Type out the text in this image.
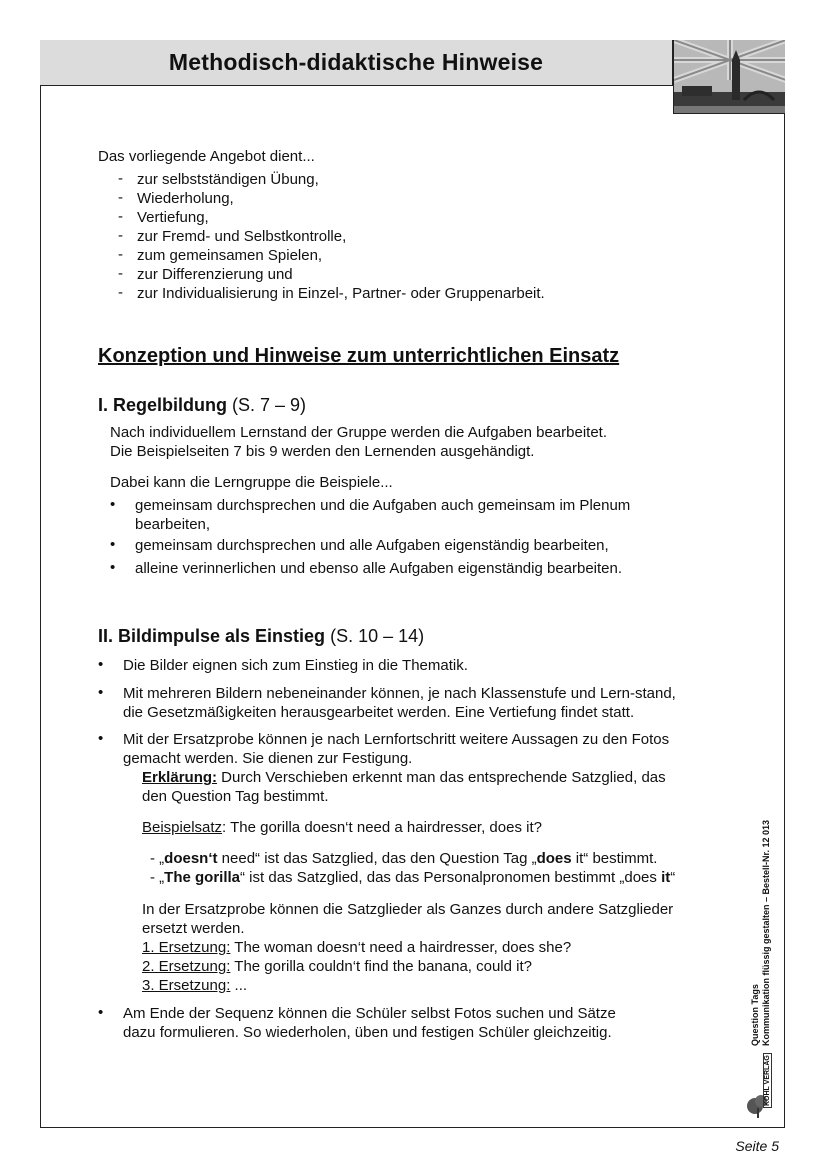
Methodisch-didaktische Hinweise
Das vorliegende Angebot dient...
- zur selbstständigen Übung,
- Wiederholung,
- Vertiefung,
- zur Fremd- und Selbstkontrolle,
- zum gemeinsamen Spielen,
- zur Differenzierung und
- zur Individualisierung in Einzel-, Partner- oder Gruppenarbeit.
Konzeption und Hinweise zum unterrichtlichen Einsatz
I. Regelbildung (S. 7 – 9)
Nach individuellem Lernstand der Gruppe werden die Aufgaben bearbeitet.
Die Beispielseiten 7 bis 9 werden den Lernenden ausgehändigt.
Dabei kann die Lerngruppe die Beispiele...
• gemeinsam durchsprechen und die Aufgaben auch gemeinsam im Plenum
bearbeiten,
• gemeinsam durchsprechen und alle Aufgaben eigenständig bearbeiten,
• alleine verinnerlichen und ebenso alle Aufgaben eigenständig bearbeiten.
II. Bildimpulse als Einstieg (S. 10 – 14)
• Die Bilder eignen sich zum Einstieg in die Thematik.
• Mit mehreren Bildern nebeneinander können, je nach Klassenstufe und Lern-stand,
die Gesetzmäßigkeiten herausgearbeitet werden. Eine Vertiefung findet statt.
• Mit der Ersatzprobe können je nach Lernfortschritt weitere Aussagen zu den Fotos
gemacht werden. Sie dienen zur Festigung.
Erklärung: Durch Verschieben erkennt man das entsprechende Satzglied, das
den Question Tag bestimmt.
Beispielsatz: The gorilla doesn‘t need a hairdresser, does it?
- „doesn‘t need“ ist das Satzglied, das den Question Tag „does it“ bestimmt.
- „The gorilla“ ist das Satzglied, das das Personalpronomen bestimmt „does it“
In der Ersatzprobe können die Satzglieder als Ganzes durch andere Satzglieder
ersetzt werden.
1. Ersetzung: The woman doesn‘t need a hairdresser, does she?
2. Ersetzung: The gorilla couldn‘t find the banana, could it?
3. Ersetzung: ...
• Am Ende der Sequenz können die Schüler selbst Fotos suchen und Sätze
dazu formulieren. So wiederholen, üben und festigen Schüler gleichzeitig.	Question Tags Kommunikation flüssig gestalten – Bestell-Nr. 12 013
KOHL VERLAG
Seite 5
